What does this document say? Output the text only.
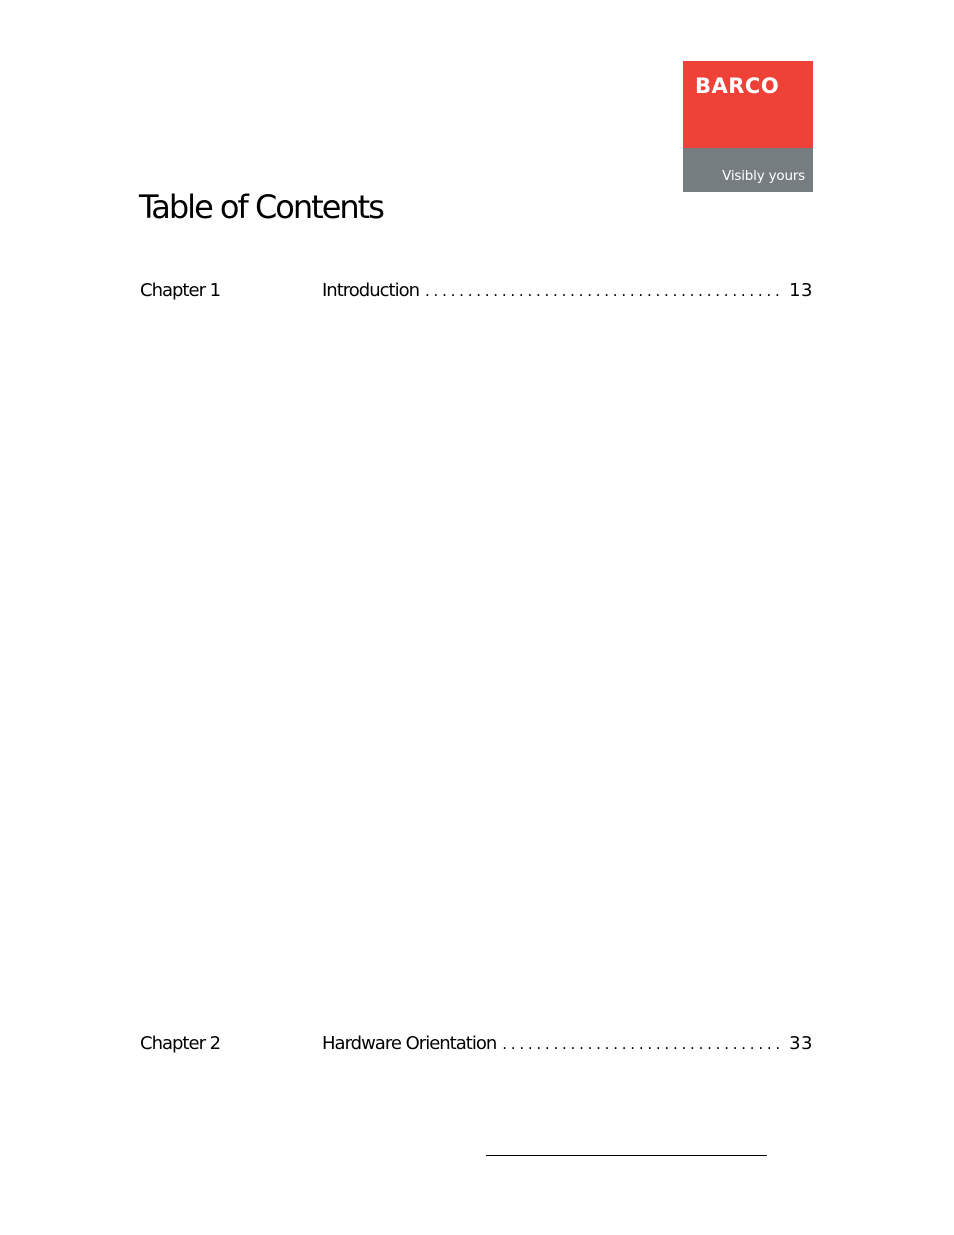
BARCO
Visibly yours
Table of Contents
Chapter 1	Introduction . . .	13
Chapter 2	Hardware Orientation . . .	33
